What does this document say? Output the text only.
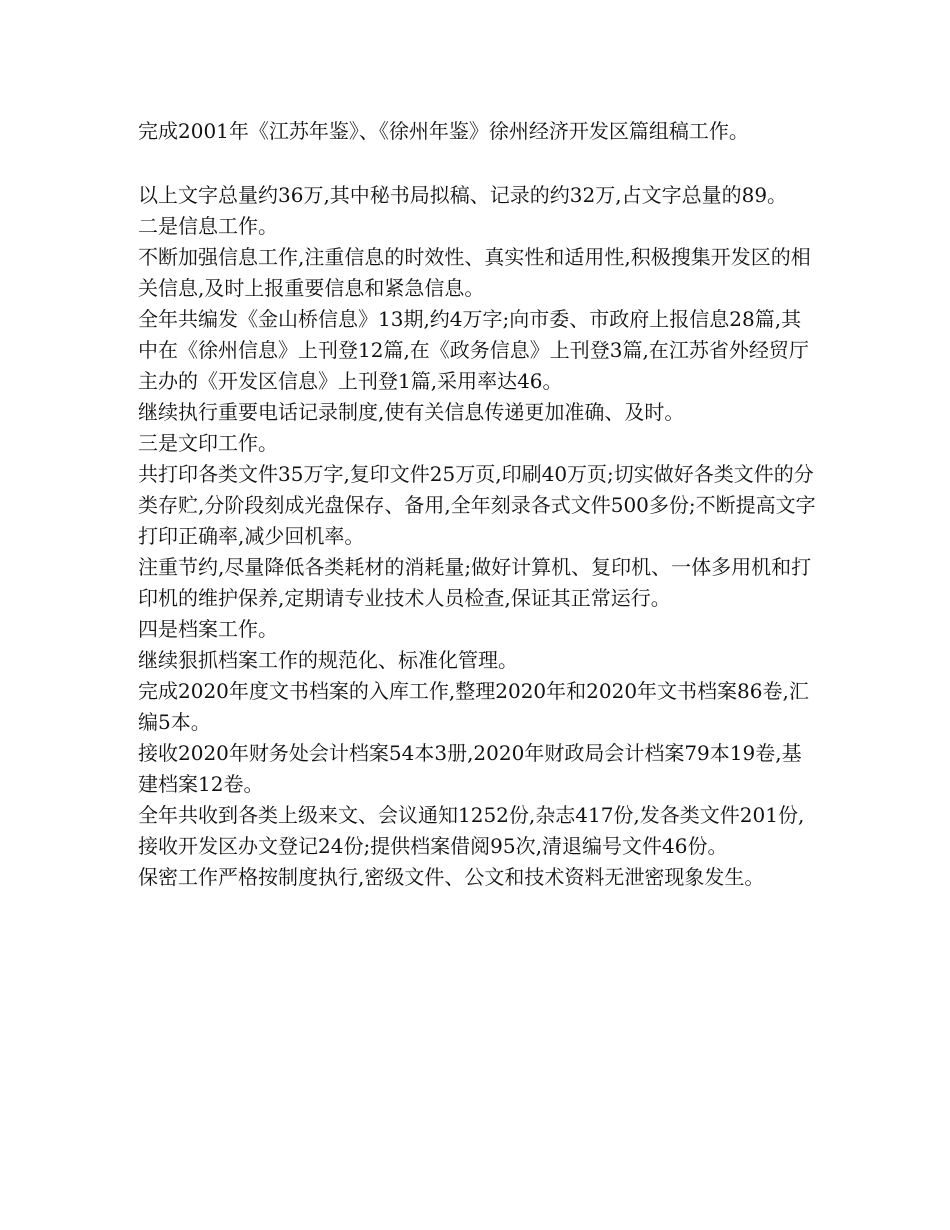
完成2001年《江苏年鉴》、《徐州年鉴》徐州经济开发区篇组稿工作。

以上文字总量约36万,其中秘书局拟稿、记录的约32万,占文字总量的89。

二是信息工作。

不断加强信息工作,注重信息的时效性、真实性和适用性,积极搜集开发区的相关信息,及时上报重要信息和紧急信息。

全年共编发《金山桥信息》13期,约4万字;向市委、市政府上报信息28篇,其中在《徐州信息》上刊登12篇,在《政务信息》上刊登3篇,在江苏省外经贸厅主办的《开发区信息》上刊登1篇,采用率达46。

继续执行重要电话记录制度,使有关信息传递更加准确、及时。

三是文印工作。

共打印各类文件35万字,复印文件25万页,印刷40万页;切实做好各类文件的分类存贮,分阶段刻成光盘保存、备用,全年刻录各式文件500多份;不断提高文字打印正确率,减少回机率。

注重节约,尽量降低各类耗材的消耗量;做好计算机、复印机、一体多用机和打印机的维护保养,定期请专业技术人员检查,保证其正常运行。

四是档案工作。

继续狠抓档案工作的规范化、标准化管理。

完成2020年度文书档案的入库工作,整理2020年和2020年文书档案86卷,汇编5本。

接收2020年财务处会计档案54本3册,2020年财政局会计档案79本19卷,基建档案12卷。

全年共收到各类上级来文、会议通知1252份,杂志417份,发各类文件201份,接收开发区办文登记24份;提供档案借阅95次,清退编号文件46份。

保密工作严格按制度执行,密级文件、公文和技术资料无泄密现象发生。
